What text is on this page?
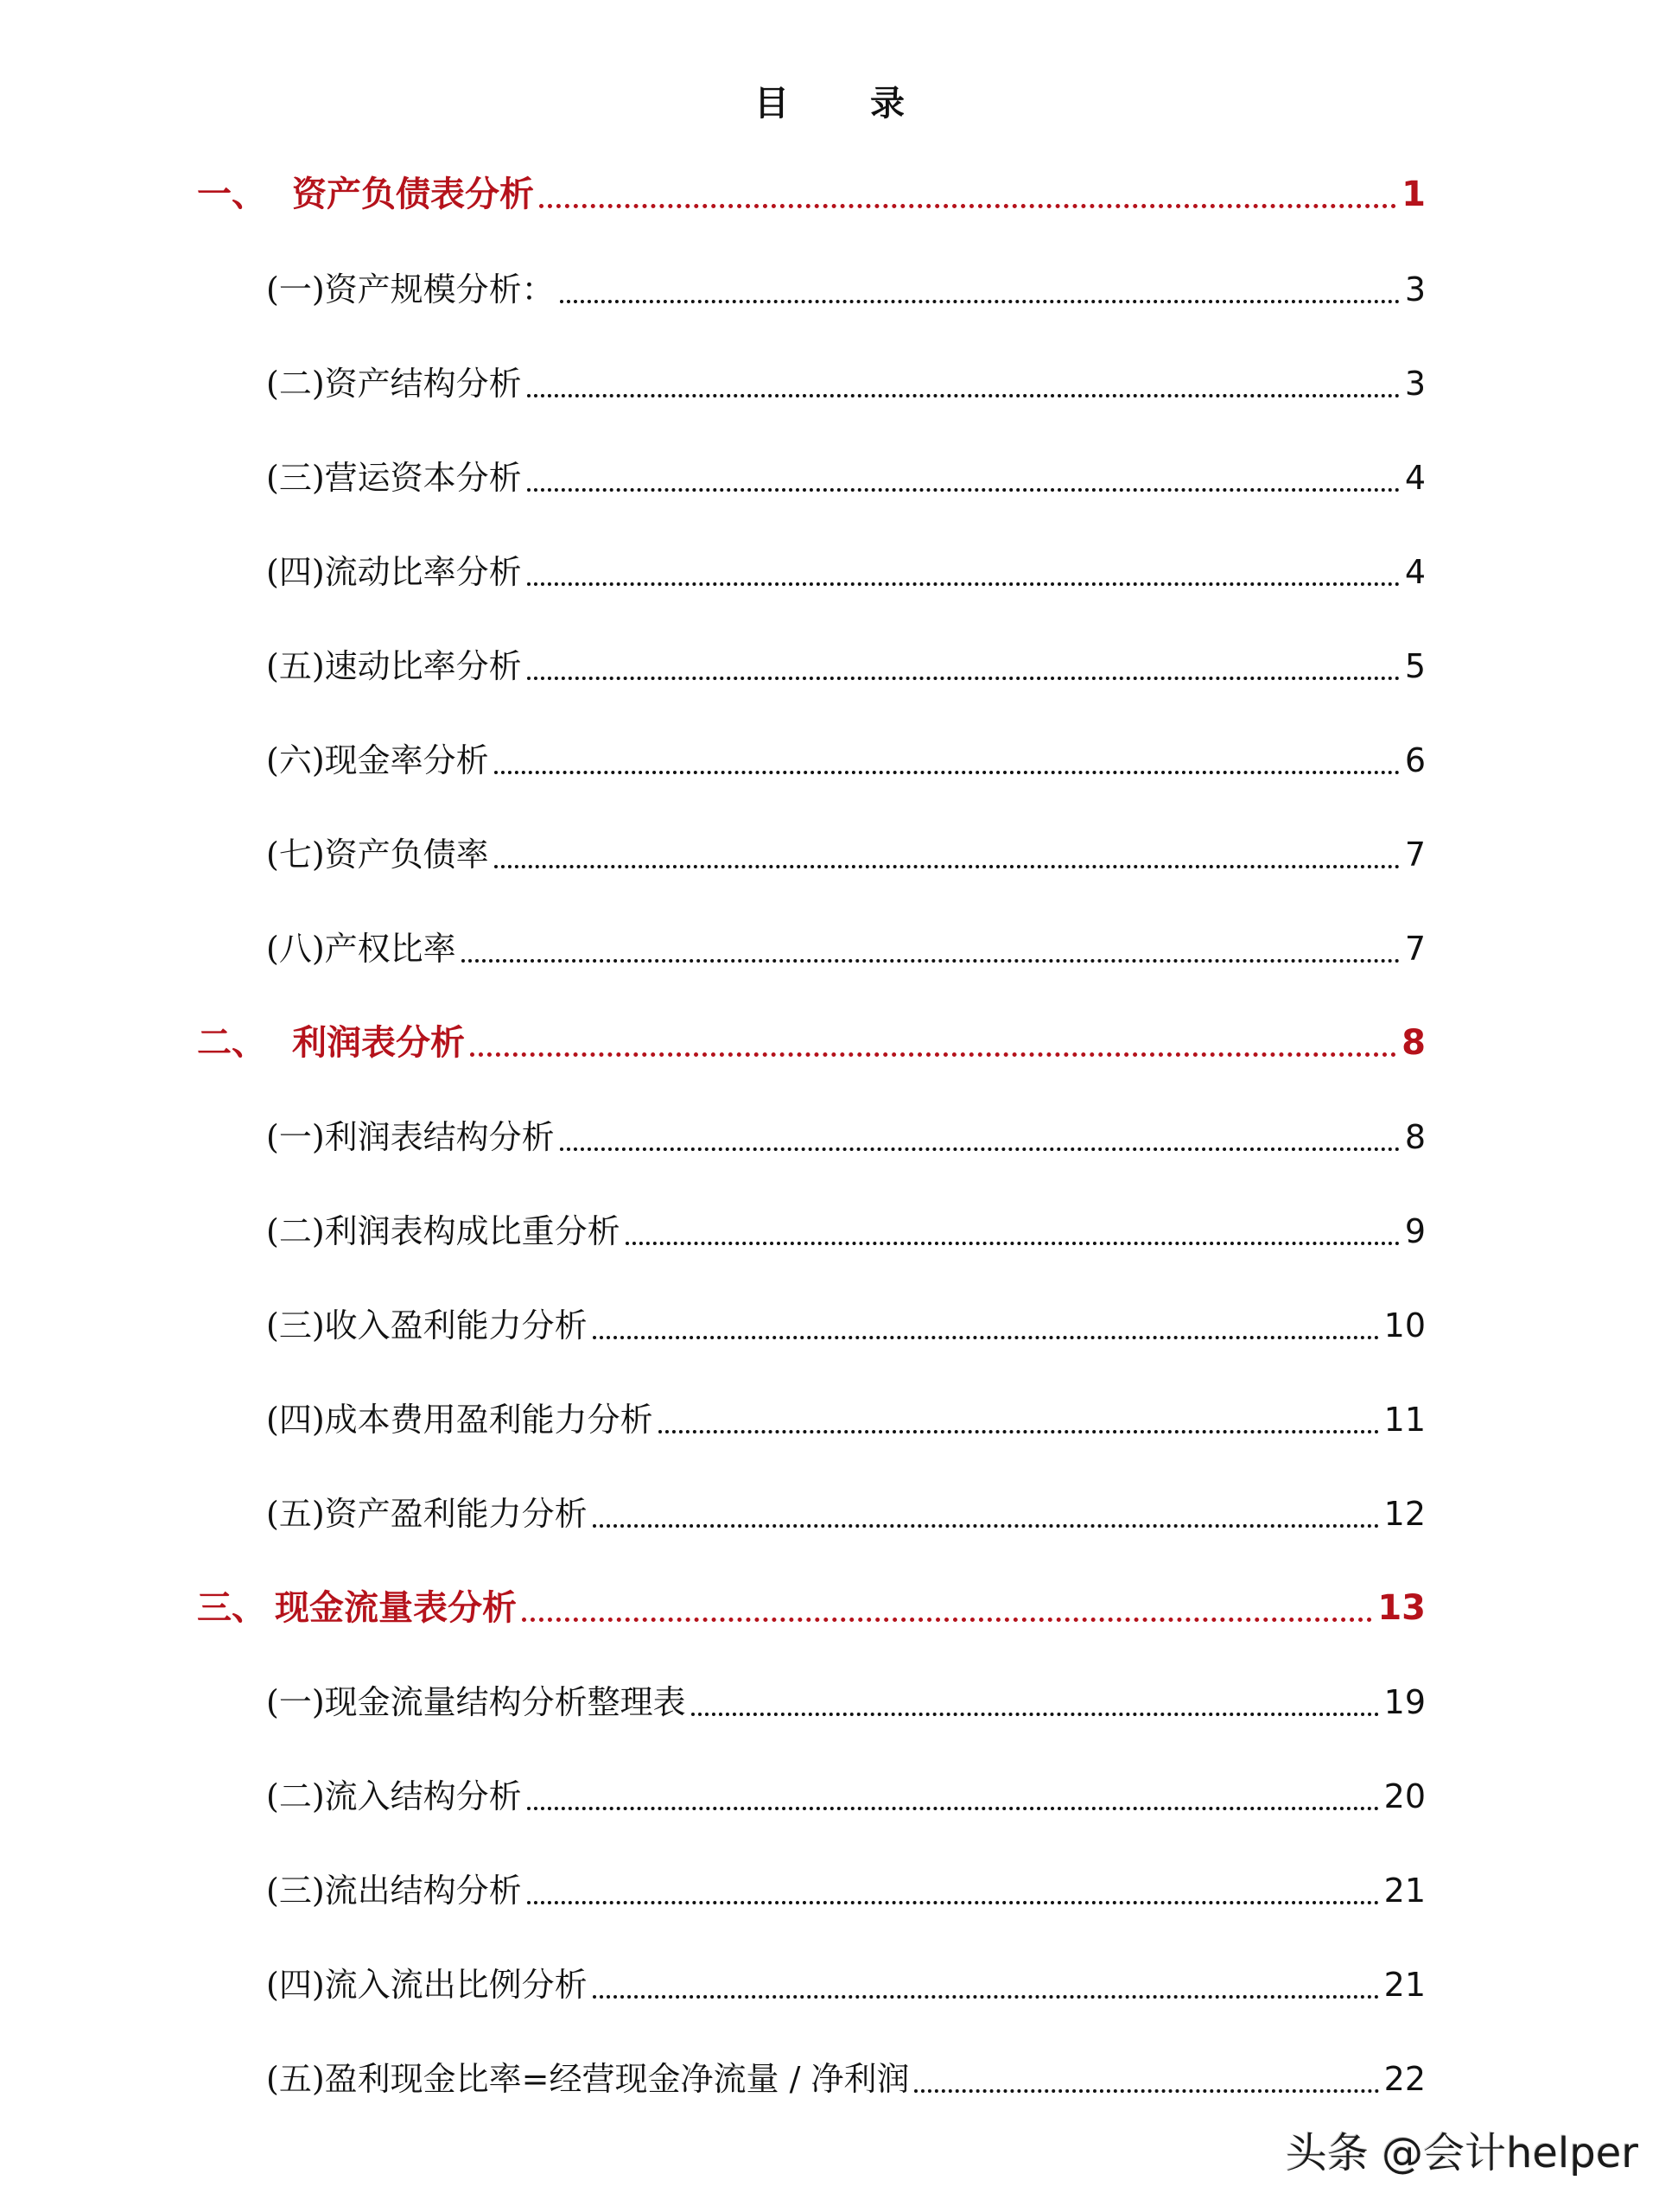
目 录
一、 资产负债表分析	1
(一)资产规模分析：	3
(二)资产结构分析	3
(三)营运资本分析	4
(四)流动比率分析	4
(五)速动比率分析	5
(六)现金率分析	6
(七)资产负债率	7
(八)产权比率	7
二、 利润表分析	8
(一)利润表结构分析	8
(二)利润表构成比重分析	9
(三)收入盈利能力分析	10
(四)成本费用盈利能力分析	11
(五)资产盈利能力分析	12
三、 现金流量表分析	13
(一)现金流量结构分析整理表	19
(二)流入结构分析	20
(三)流出结构分析	21
(四)流入流出比例分析	21
(五)盈利现金比率=经营现金净流量 / 净利润	22
头条 @会计helper
